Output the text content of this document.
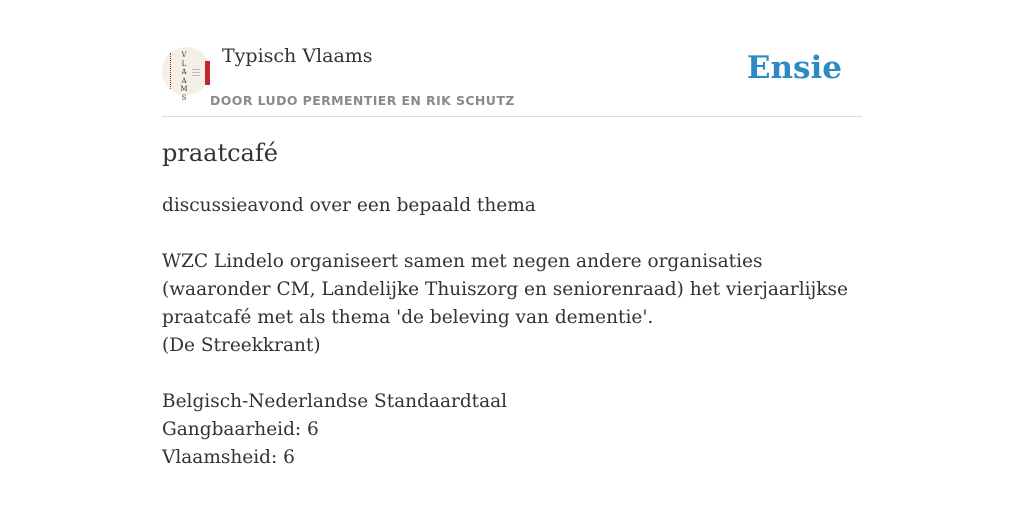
V
L
A
A
M
S
Typisch Vlaams
DOOR LUDO PERMENTIER EN RIK SCHUTZ
Ensie
praatcafé

discussieavond over een bepaald thema

WZC Lindelo organiseert samen met negen andere organisaties (waaronder CM, Landelijke Thuiszorg en seniorenraad) het vierjaarlijkse praatcafé met als thema 'de beleving van dementie'.

(De Streekkrant)

Belgisch-Nederlandse Standaardtaal

Gangbaarheid: 6

Vlaamsheid: 6
